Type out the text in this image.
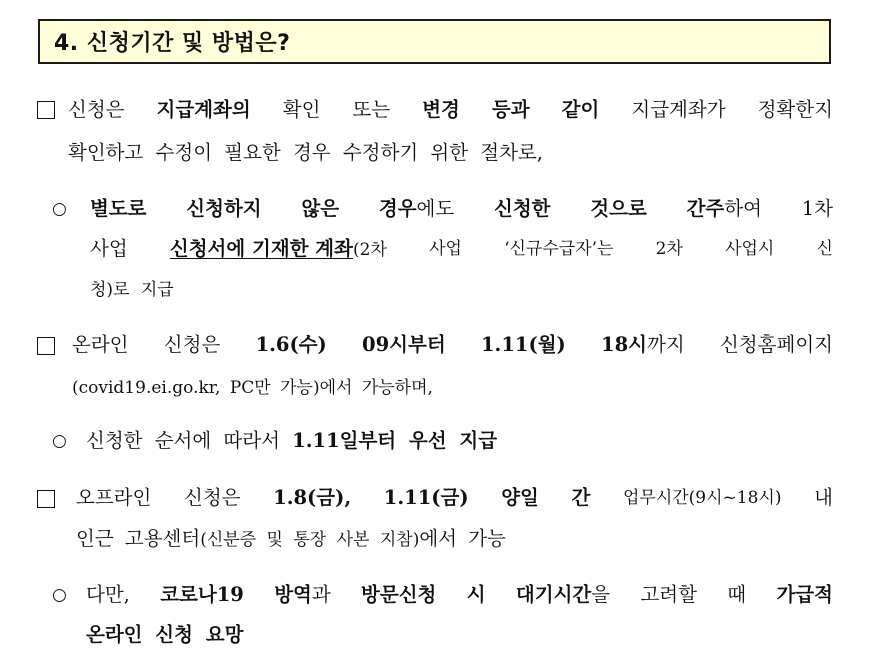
4. 신청기간 및 방법은?
신청은 지급계좌의 확인 또는 변경 등과 같이 지급계좌가 정확한지
확인하고 수정이 필요한 경우 수정하기 위한 절차로,
○ 별도로 신청하지 않은 경우에도 신청한 것으로 간주하여 1차
사업 신청서에 기재한 계좌(2차 사업 ‘신규수급자’는 2차 사업시 신
청)로 지급
온라인 신청은 1.6(수) 09시부터 1.11(월) 18시까지 신청홈페이지
(covid19.ei.go.kr, PC만 가능)에서 가능하며,
○ 신청한 순서에 따라서 1.11일부터 우선 지급
오프라인 신청은 1.8(금), 1.11(금) 양일 간 업무시간(9시~18시) 내
인근 고용센터(신분증 및 통장 사본 지참)에서 가능
○ 다만, 코로나19 방역과 방문신청 시 대기시간을 고려할 때 가급적
온라인 신청 요망
